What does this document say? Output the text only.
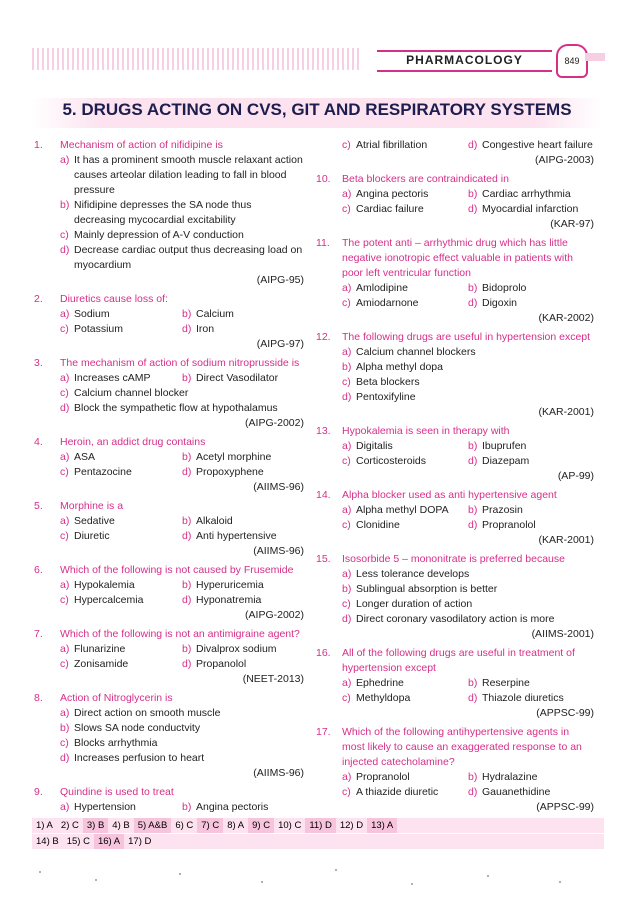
PHARMACOLOGY	849
5. DRUGS ACTING ON CVS, GIT AND RESPIRATORY SYSTEMS
1.	Mechanism of action of nifidipine is
a) It has a prominent smooth muscle relaxant action causes arteolar dilation leading to fall in blood pressure
b) Nifidipine depresses the SA node thus decreasing mycocardial excitability
c) Mainly depression of A-V conduction
d) Decrease cardiac output thus decreasing load on myocardium
(AIPG-95)
2.	Diuretics cause loss of:
a) Sodium	b) Calcium
c) Potassium	d) Iron
(AIPG-97)
3.	The mechanism of action of sodium nitroprusside is
a) Increases cAMP	b) Direct Vasodilator
c) Calcium channel blocker
d) Block the sympathetic flow at hypothalamus
(AIPG-2002)
4.	Heroin, an addict drug contains
a) ASA	b) Acetyl morphine
c) Pentazocine	d) Propoxyphene
(AIIMS-96)
5.	Morphine is a
a) Sedative	b) Alkaloid
c) Diuretic	d) Anti hypertensive
(AIIMS-96)
6.	Which of the following is not caused by Frusemide
a) Hypokalemia	b) Hyperuricemia
c) Hypercalcemia	d) Hyponatremia
(AIPG-2002)
7.	Which of the following is not an antimigraine agent?
a) Flunarizine	b) Divalprox sodium
c) Zonisamide	d) Propanolol
(NEET-2013)
8.	Action of Nitroglycerin is
a) Direct action on smooth muscle
b) Slows SA node conductvity
c) Blocks arrhythmia
d) Increases perfusion to heart
(AIIMS-96)
9.	Quindine is used to treat
a) Hypertension	b) Angina pectoris
c) Atrial fibrillation	d) Congestive heart failure
(AIPG-2003)
10.	Beta blockers are contraindicated in
a) Angina pectoris	b) Cardiac arrhythmia
c) Cardiac failure	d) Myocardial infarction
(KAR-97)
11.	The potent anti – arrhythmic drug which has little negative ionotropic effect valuable in patients with poor left ventricular function
a) Amlodipine	b) Bidoprolo
c) Amiodarnone	d) Digoxin
(KAR-2002)
12.	The following drugs are useful in hypertension except
a) Calcium channel blockers
b) Alpha methyl dopa
c) Beta blockers
d) Pentoxifyline
(KAR-2001)
13.	Hypokalemia is seen in therapy with
a) Digitalis	b) Ibuprufen
c) Corticosteroids	d) Diazepam
(AP-99)
14.	Alpha blocker used as anti hypertensive agent
a) Alpha methyl DOPA b) Prazosin
c) Clonidine	d) Propranolol
(KAR-2001)
15.	Isosorbide 5 – mononitrate is preferred because
a) Less tolerance develops
b) Sublingual absorption is better
c) Longer duration of action
d) Direct coronary vasodilatory action is more
(AIIMS-2001)
16.	All of the following drugs are useful in treatment of hypertension except
a) Ephedrine	b) Reserpine
c) Methyldopa	d) Thiazole diuretics
(APPSC-99)
17.	Which of the following antihypertensive agents in most likely to cause an exaggerated response to an injected catecholamine?
a) Propranolol	b) Hydralazine
c) A thiazide diuretic	d) Gauanethidine
(APPSC-99)
1) A 2) C 3) B 4) B 5) A&B 6) C 7) C 8) A 9) C 10) C 11) D 12) D 13) A
14) B 15) C 16) A 17) D
